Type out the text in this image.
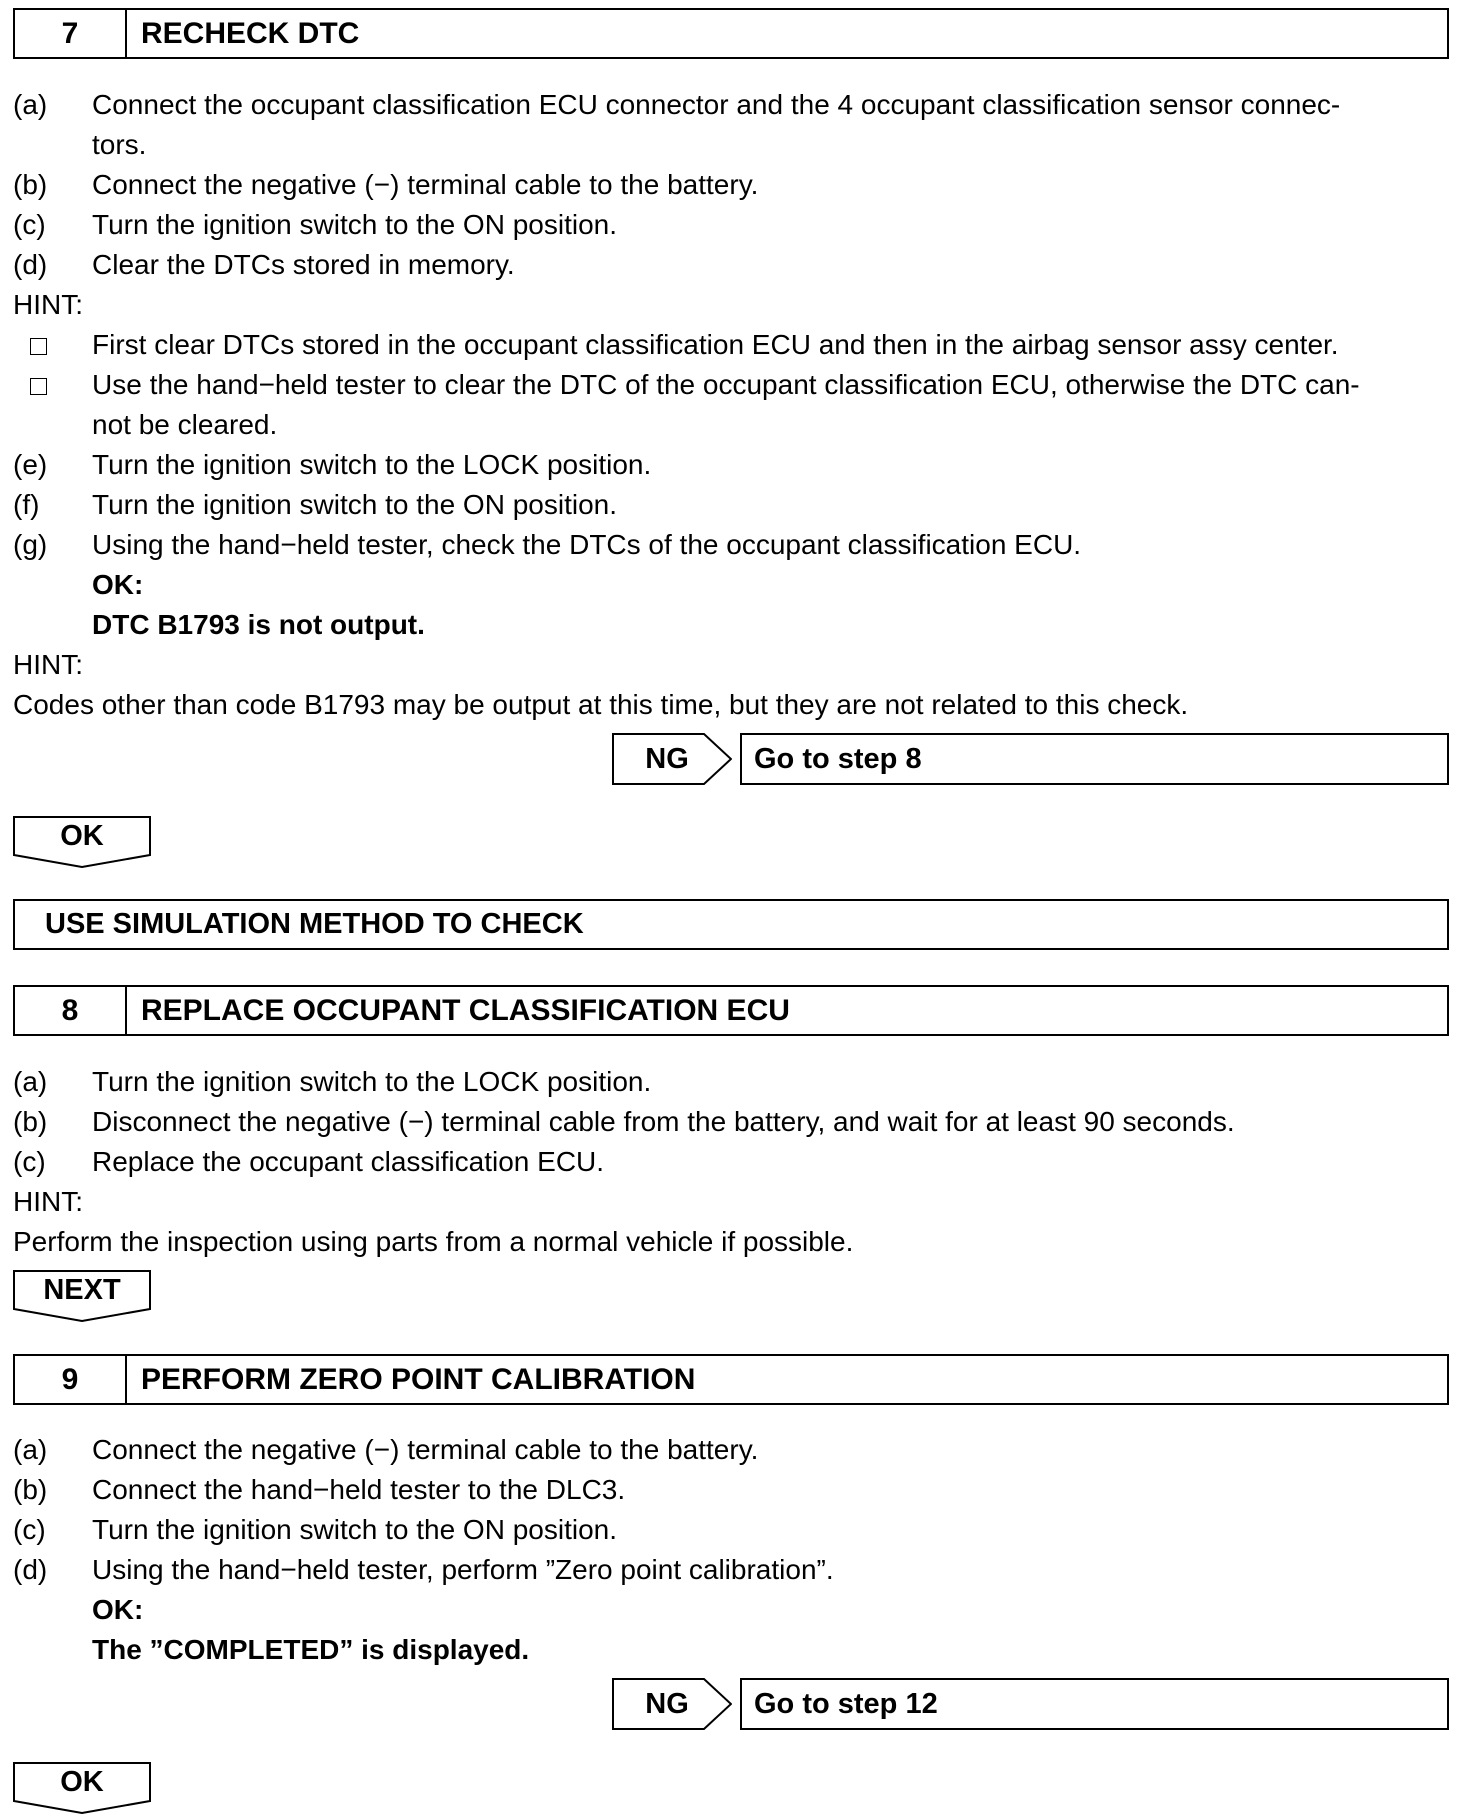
7	RECHECK DTC
(a) Connect the occupant classification ECU connector and the 4 occupant classification sensor connec-
tors.
(b) Connect the negative (−) terminal cable to the battery.
(c) Turn the ignition switch to the ON position.
(d) Clear the DTCs stored in memory.
HINT:
First clear DTCs stored in the occupant classification ECU and then in the airbag sensor assy center.
Use the hand−held tester to clear the DTC of the occupant classification ECU, otherwise the DTC can-
not be cleared.
(e) Turn the ignition switch to the LOCK position.
(f) Turn the ignition switch to the ON position.
(g) Using the hand−held tester, check the DTCs of the occupant classification ECU.
OK:
DTC B1793 is not output.
HINT:
Codes other than code B1793 may be output at this time, but they are not related to this check.
NG	Go to step 8
OK
USE SIMULATION METHOD TO CHECK
8	REPLACE OCCUPANT CLASSIFICATION ECU
(a) Turn the ignition switch to the LOCK position.
(b) Disconnect the negative (−) terminal cable from the battery, and wait for at least 90 seconds.
(c) Replace the occupant classification ECU.
HINT:
Perform the inspection using parts from a normal vehicle if possible.
NEXT
9	PERFORM ZERO POINT CALIBRATION
(a) Connect the negative (−) terminal cable to the battery.
(b) Connect the hand−held tester to the DLC3.
(c) Turn the ignition switch to the ON position.
(d) Using the hand−held tester, perform ”Zero point calibration”.
OK:
The ”COMPLETED” is displayed.
NG	Go to step 12
OK
